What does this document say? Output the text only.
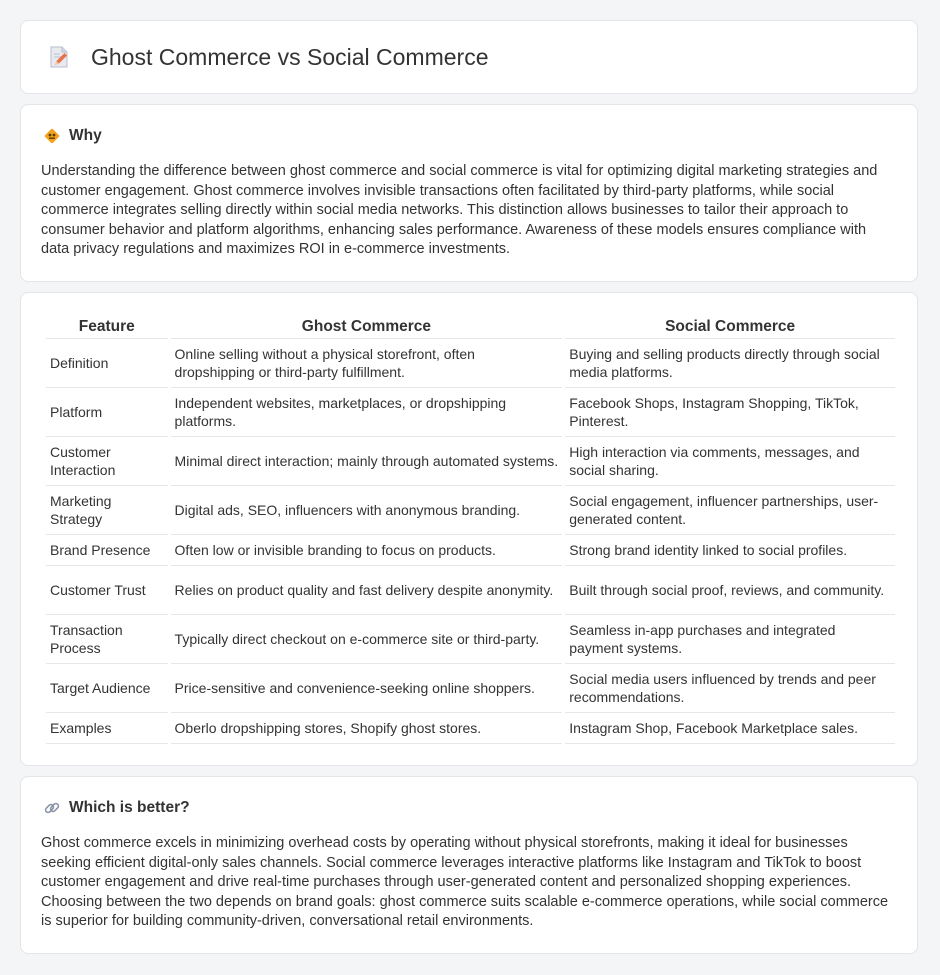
Ghost Commerce vs Social Commerce
Why

Understanding the difference between ghost commerce and social commerce is vital for optimizing digital marketing strategies and customer engagement. Ghost commerce involves invisible transactions often facilitated by third-party platforms, while social commerce integrates selling directly within social media networks. This distinction allows businesses to tailor their approach to consumer behavior and platform algorithms, enhancing sales performance. Awareness of these models ensures compliance with data privacy regulations and maximizes ROI in e-commerce investments.

Feature	Ghost Commerce	Social Commerce
Definition	Online selling without a physical storefront, often dropshipping or third-party fulfillment.	Buying and selling products directly through social media platforms.
Platform	Independent websites, marketplaces, or dropshipping platforms.	Facebook Shops, Instagram Shopping, TikTok, Pinterest.
Customer Interaction	Minimal direct interaction; mainly through automated systems.	High interaction via comments, messages, and social sharing.
Marketing Strategy	Digital ads, SEO, influencers with anonymous branding.	Social engagement, influencer partnerships, user-generated content.
Brand Presence	Often low or invisible branding to focus on products.	Strong brand identity linked to social profiles.
Customer Trust	Relies on product quality and fast delivery despite anonymity.	Built through social proof, reviews, and community.
Transaction Process	Typically direct checkout on e-commerce site or third-party.	Seamless in-app purchases and integrated payment systems.
Target Audience	Price-sensitive and convenience-seeking online shoppers.	Social media users influenced by trends and peer recommendations.
Examples	Oberlo dropshipping stores, Shopify ghost stores.	Instagram Shop, Facebook Marketplace sales.
Which is better?

Ghost commerce excels in minimizing overhead costs by operating without physical storefronts, making it ideal for businesses seeking efficient digital-only sales channels. Social commerce leverages interactive platforms like Instagram and TikTok to boost customer engagement and drive real-time purchases through user-generated content and personalized shopping experiences. Choosing between the two depends on brand goals: ghost commerce suits scalable e-commerce operations, while social commerce is superior for building community-driven, conversational retail environments.
